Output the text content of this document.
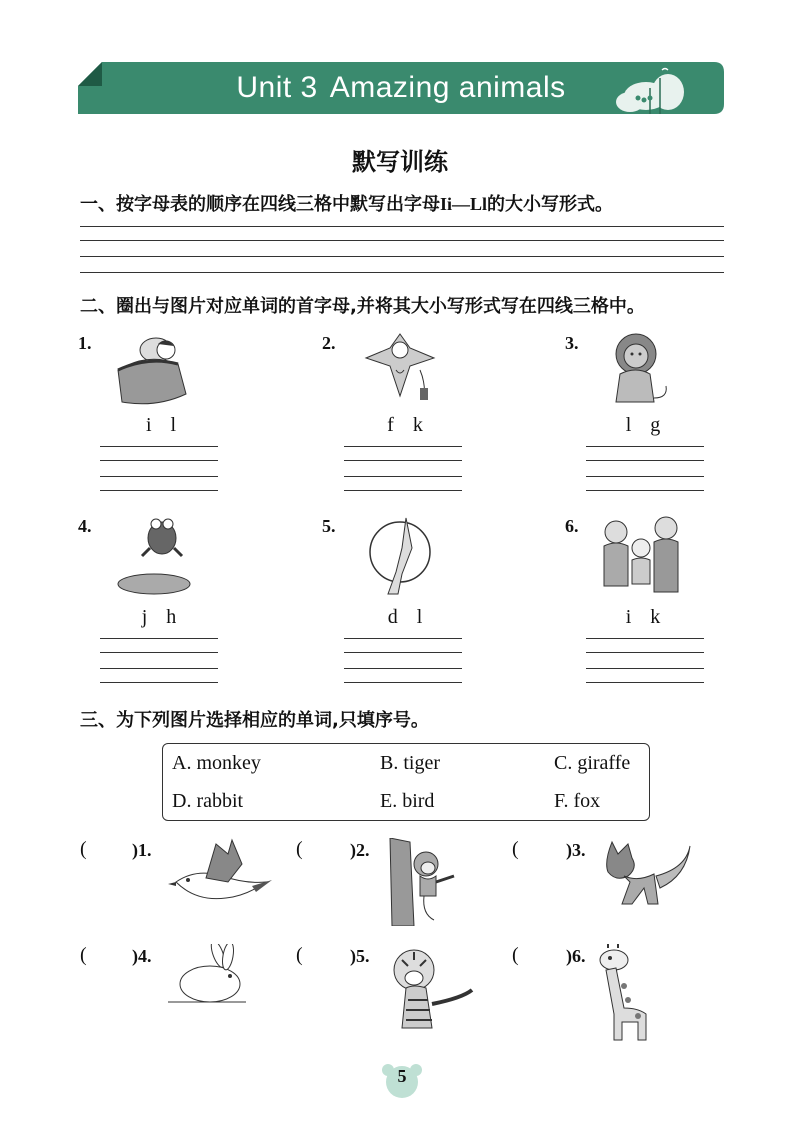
Unit 3 Amazing animals
默写训练
一、按字母表的顺序在四线三格中默写出字母Ii—Ll的大小写形式。
二、圈出与图片对应单词的首字母,并将其大小写形式写在四线三格中。
1.
i l
2.
f k
3.
l g
4.
j h
5.
d l
6.
i k
三、为下列图片选择相应的单词,只填序号。
A. monkey	B. tiger	C. giraffe
D. rabbit	E. bird	F. fox
(	)1.	(	)2.	(	)3.
(	)4.	(	)5.	(	)6.
5
